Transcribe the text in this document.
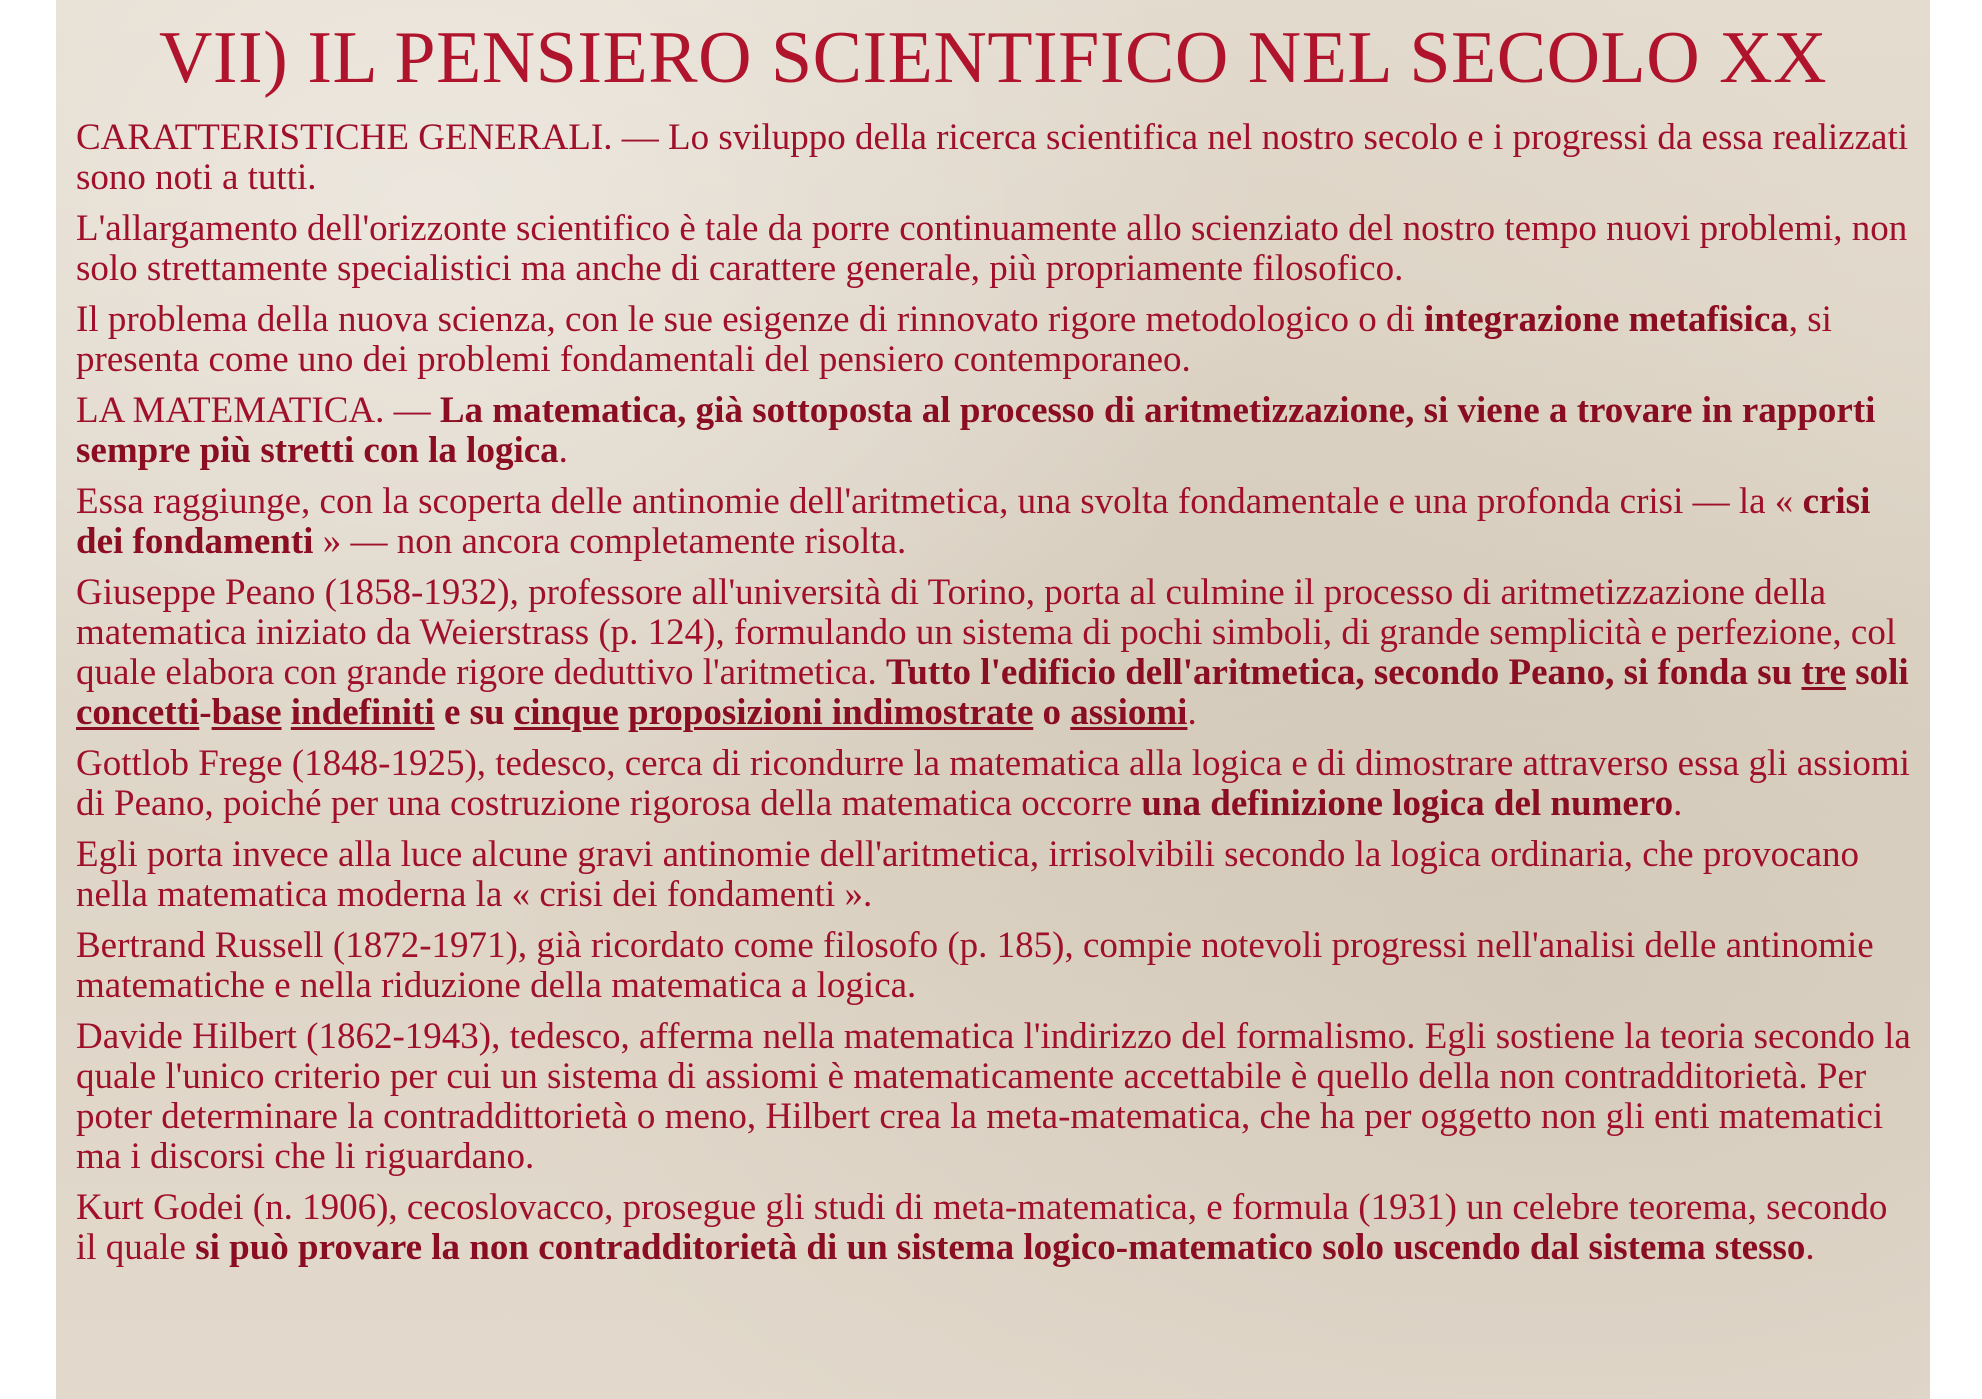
VII) IL PENSIERO SCIENTIFICO NEL SECOLO XX

CARATTERISTICHE GENERALI. — Lo sviluppo della ricerca scientifica nel nostro secolo e i progressi da essa realizzati sono noti a tutti.

L'allargamento dell'orizzonte scientifico è tale da porre continuamente allo scienziato del nostro tempo nuovi problemi, non solo strettamente specialistici ma anche di carattere generale, più propriamente filosofico.

Il problema della nuova scienza, con le sue esigenze di rinnovato rigore metodologico o di integrazione metafisica, si presenta come uno dei problemi fondamentali del pensiero contemporaneo.

LA MATEMATICA. — La matematica, già sottoposta al processo di aritmetizzazione, si viene a trovare in rapporti sempre più stretti con la logica.

Essa raggiunge, con la scoperta delle antinomie dell'aritmetica, una svolta fondamentale e una profonda crisi — la « crisi dei fondamenti » — non ancora completamente risolta.

Giuseppe Peano (1858-1932), professore all'università di Torino, porta al culmine il processo di aritmetizzazione della matematica iniziato da Weierstrass (p. 124), formulando un sistema di pochi simboli, di grande semplicità e perfezione, col quale elabora con grande rigore deduttivo l'aritmetica. Tutto l'edificio dell'aritmetica, secondo Peano, si fonda su tre soli concetti-base indefiniti e su cinque proposizioni indimostrate o assiomi.

Gottlob Frege (1848-1925), tedesco, cerca di ricondurre la matematica alla logica e di dimostrare attraverso essa gli assiomi di Peano, poiché per una costruzione rigorosa della matematica occorre una definizione logica del numero.

Egli porta invece alla luce alcune gravi antinomie dell'aritmetica, irrisolvibili secondo la logica ordinaria, che provocano nella matematica moderna la « crisi dei fondamenti ».

Bertrand Russell (1872-1971), già ricordato come filosofo (p. 185), compie notevoli progressi nell'analisi delle antinomie matematiche e nella riduzione della matematica a logica.

Davide Hilbert (1862-1943), tedesco, afferma nella matematica l'indirizzo del formalismo. Egli sostiene la teoria secondo la quale l'unico criterio per cui un sistema di assiomi è matematicamente accettabile è quello della non contradditorietà. Per poter determinare la contraddittorietà o meno, Hilbert crea la meta-matematica, che ha per oggetto non gli enti matematici ma i discorsi che li riguardano.

Kurt Godei (n. 1906), cecoslovacco, prosegue gli studi di meta-matematica, e formula (1931) un celebre teorema, secondo il quale si può provare la non contradditorietà di un sistema logico-matematico solo uscendo dal sistema stesso.
